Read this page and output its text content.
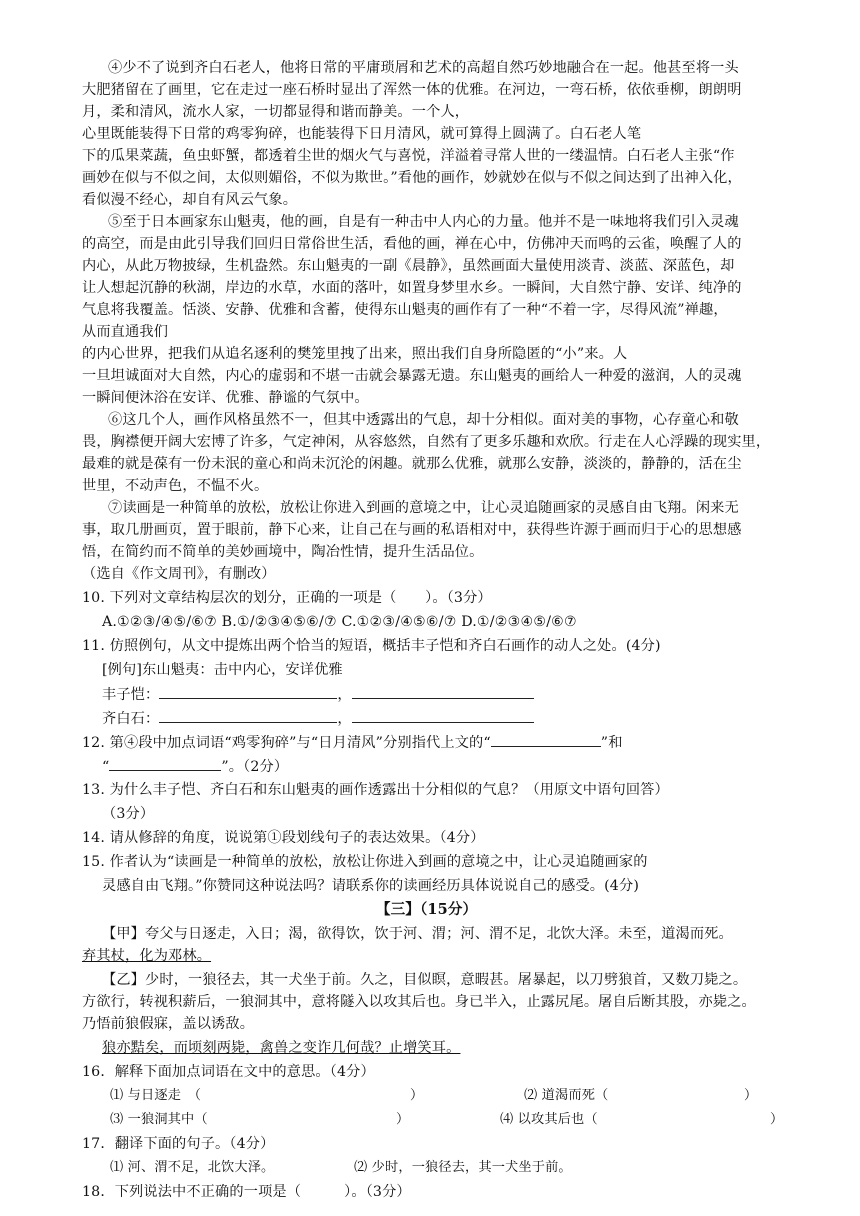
④少不了说到齐白石老人，他将日常的平庸琐屑和艺术的高超自然巧妙地融合在一起。他甚至将一头
大肥猪留在了画里，它在走过一座石桥时显出了浑然一体的优雅。在河边，一弯石桥，依依垂柳，朗朗明
月，柔和清风，流水人家，一切都显得和谐而静美。一个人，
心里既能装得下日常的鸡零狗碎，也能装得下日月清风，就可算得上圆满了。白石老人笔
下的瓜果菜蔬，鱼虫虾蟹，都透着尘世的烟火气与喜悦，洋溢着寻常人世的一缕温情。白石老人主张“作
画妙在似与不似之间，太似则媚俗，不似为欺世。”看他的画作，妙就妙在似与不似之间达到了出神入化，
看似漫不经心，却自有风云气象。
⑤至于日本画家东山魁夷，他的画，自是有一种击中人内心的力量。他并不是一味地将我们引入灵魂
的高空，而是由此引导我们回归日常俗世生活，看他的画，禅在心中，仿佛冲天而鸣的云雀，唤醒了人的
内心，从此万物披绿，生机盎然。东山魁夷的一副《晨静》，虽然画面大量使用淡青、淡蓝、深蓝色，却
让人想起沉静的秋湖，岸边的水草，水面的落叶，如置身梦里水乡。一瞬间，大自然宁静、安详、纯净的
气息将我覆盖。恬淡、安静、优雅和含蓄，使得东山魁夷的画作有了一种“不着一字，尽得风流”禅趣，
从而直通我们
的内心世界，把我们从追名逐利的樊笼里拽了出来，照出我们自身所隐匿的“小”来。人
一旦坦诚面对大自然，内心的虚弱和不堪一击就会暴露无遗。东山魁夷的画给人一种爱的滋润，人的灵魂
一瞬间便沐浴在安详、优雅、静谧的气氛中。
⑥这几个人，画作风格虽然不一，但其中透露出的气息，却十分相似。面对美的事物，心存童心和敬
畏，胸襟便开阔大宏博了许多，气定神闲，从容悠然，自然有了更多乐趣和欢欣。行走在人心浮躁的现实里，
最难的就是葆有一份未泯的童心和尚未沉沦的闲趣。就那么优雅，就那么安静，淡淡的，静静的，活在尘
世里，不动声色，不愠不火。
⑦读画是一种简单的放松，放松让你进入到画的意境之中，让心灵追随画家的灵感自由飞翔。闲来无
事，取几册画页，置于眼前，静下心来，让自己在与画的私语相对中，获得些许源于画而归于心的思想感
悟，在简约而不简单的美妙画境中，陶冶性情，提升生活品位。
（选自《作文周刊》，有删改）
10. 下列对文章结构层次的划分，正确的一项是（　　）。（3分）
A.①②③/④⑤/⑥⑦ B.①/②③④⑤⑥/⑦ C.①②③/④⑤⑥/⑦ D.①/②③④⑤/⑥⑦
11. 仿照例句，从文中提炼出两个恰当的短语，概括丰子恺和齐白石画作的动人之处。(4分)
[例句]东山魁夷：击中内心，安详优雅
丰子恺：	，
齐白石：	，
12. 第④段中加点词语“鸡零狗碎”与“日月清风”分别指代上文的“	”和
“	”。（2分）
13. 为什么丰子恺、齐白石和东山魁夷的画作透露出十分相似的气息？（用原文中语句回答）
（3分）
14. 请从修辞的角度，说说第①段划线句子的表达效果。（4分）
15. 作者认为“读画是一种简单的放松，放松让你进入到画的意境之中，让心灵追随画家的
灵感自由飞翔。”你赞同这种说法吗？请联系你的读画经历具体说说自己的感受。(4分)
【三】（15分）
【甲】夸父与日逐走，入日；渴，欲得饮，饮于河、渭；河、渭不足，北饮大泽。未至，道渴而死。
弃其杖，化为邓林。
【乙】少时，一狼径去，其一犬坐于前。久之，目似瞑，意暇甚。屠暴起，以刀劈狼首，又数刀毙之。
方欲行，转视积薪后，一狼洞其中，意将隧入以攻其后也。身已半入，止露尻尾。屠自后断其股，亦毙之。
乃悟前狼假寐，盖以诱敌。
狼亦黠矣，而顷刻两毙，禽兽之变诈几何哉？止增笑耳。
16．解释下面加点词语在文中的意思。（4分）
⑴ 与日逐走　（	）	⑵ 道渴而死（	）
⑶ 一狼洞其中（	）	⑷ 以攻其后也（	）
17．翻译下面的句子。（4分）
⑴ 河、渭不足，北饮大泽。	⑵ 少时，一狼径去，其一犬坐于前。
18．下列说法中不正确的一项是（　　　）。（3分）
